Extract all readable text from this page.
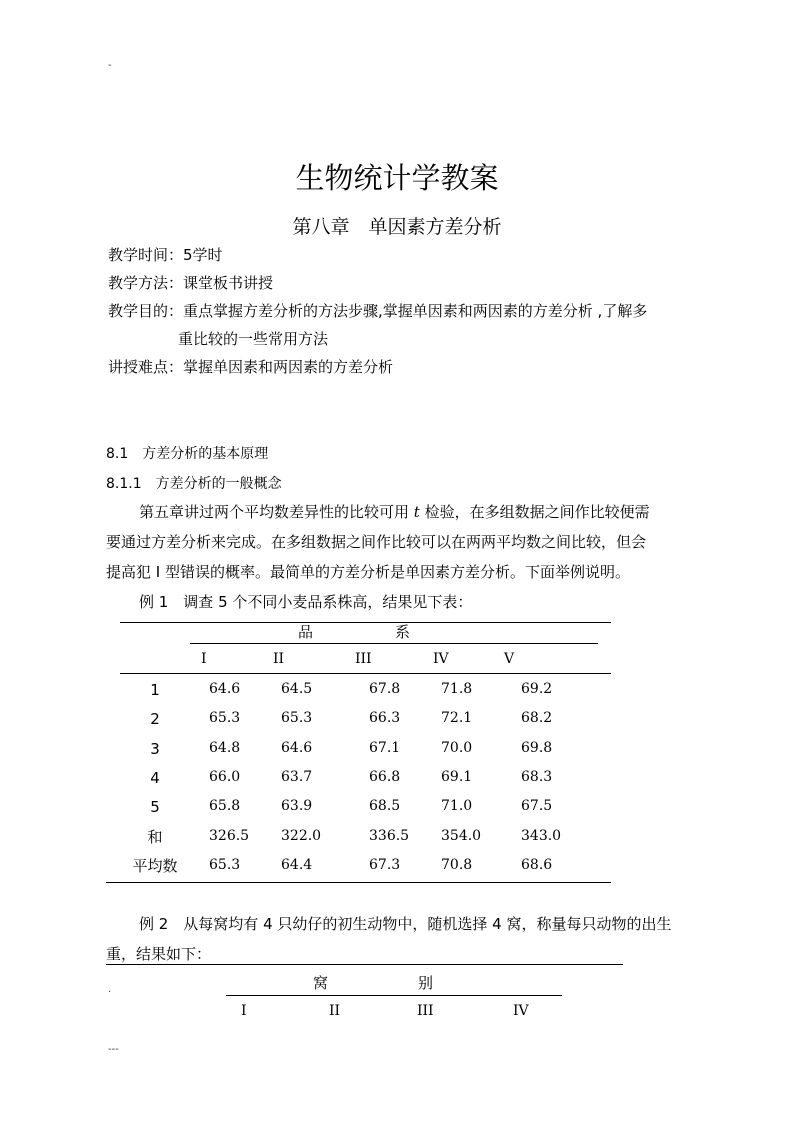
-
.
---
生物统计学教案
第八章　单因素方差分析
教学时间：5学时
教学方法：课堂板书讲授
教学目的：重点掌握方差分析的方法步骤,掌握单因素和两因素的方差分析 ,了解多
重比较的一些常用方法
讲授难点：掌握单因素和两因素的方差分析
8.1　方差分析的基本原理
8.1.1　方差分析的一般概念
第五章讲过两个平均数差异性的比较可用 t 检验，在多组数据之间作比较便需
要通过方差分析来完成。在多组数据之间作比较可以在两两平均数之间比较，但会
提高犯 I 型错误的概率。最简单的方差分析是单因素方差分析。下面举例说明。
例 1　调查 5 个不同小麦品系株高，结果见下表：
品	系
I	II	III	IV	V
1	64.6	64.5	67.8	71.8	69.2
2	65.3	65.3	66.3	72.1	68.2
3	64.8	64.6	67.1	70.0	69.8
4	66.0	63.7	66.8	69.1	68.3
5	65.8	63.9	68.5	71.0	67.5
和	326.5 322.0	336.5 354.0	343.0
平均数	65.3	64.4	67.3	70.8	68.6
例 2　从每窝均有 4 只幼仔的初生动物中，随机选择 4 窝，称量每只动物的出生
重，结果如下：
窝	别
I	II	III	IV
